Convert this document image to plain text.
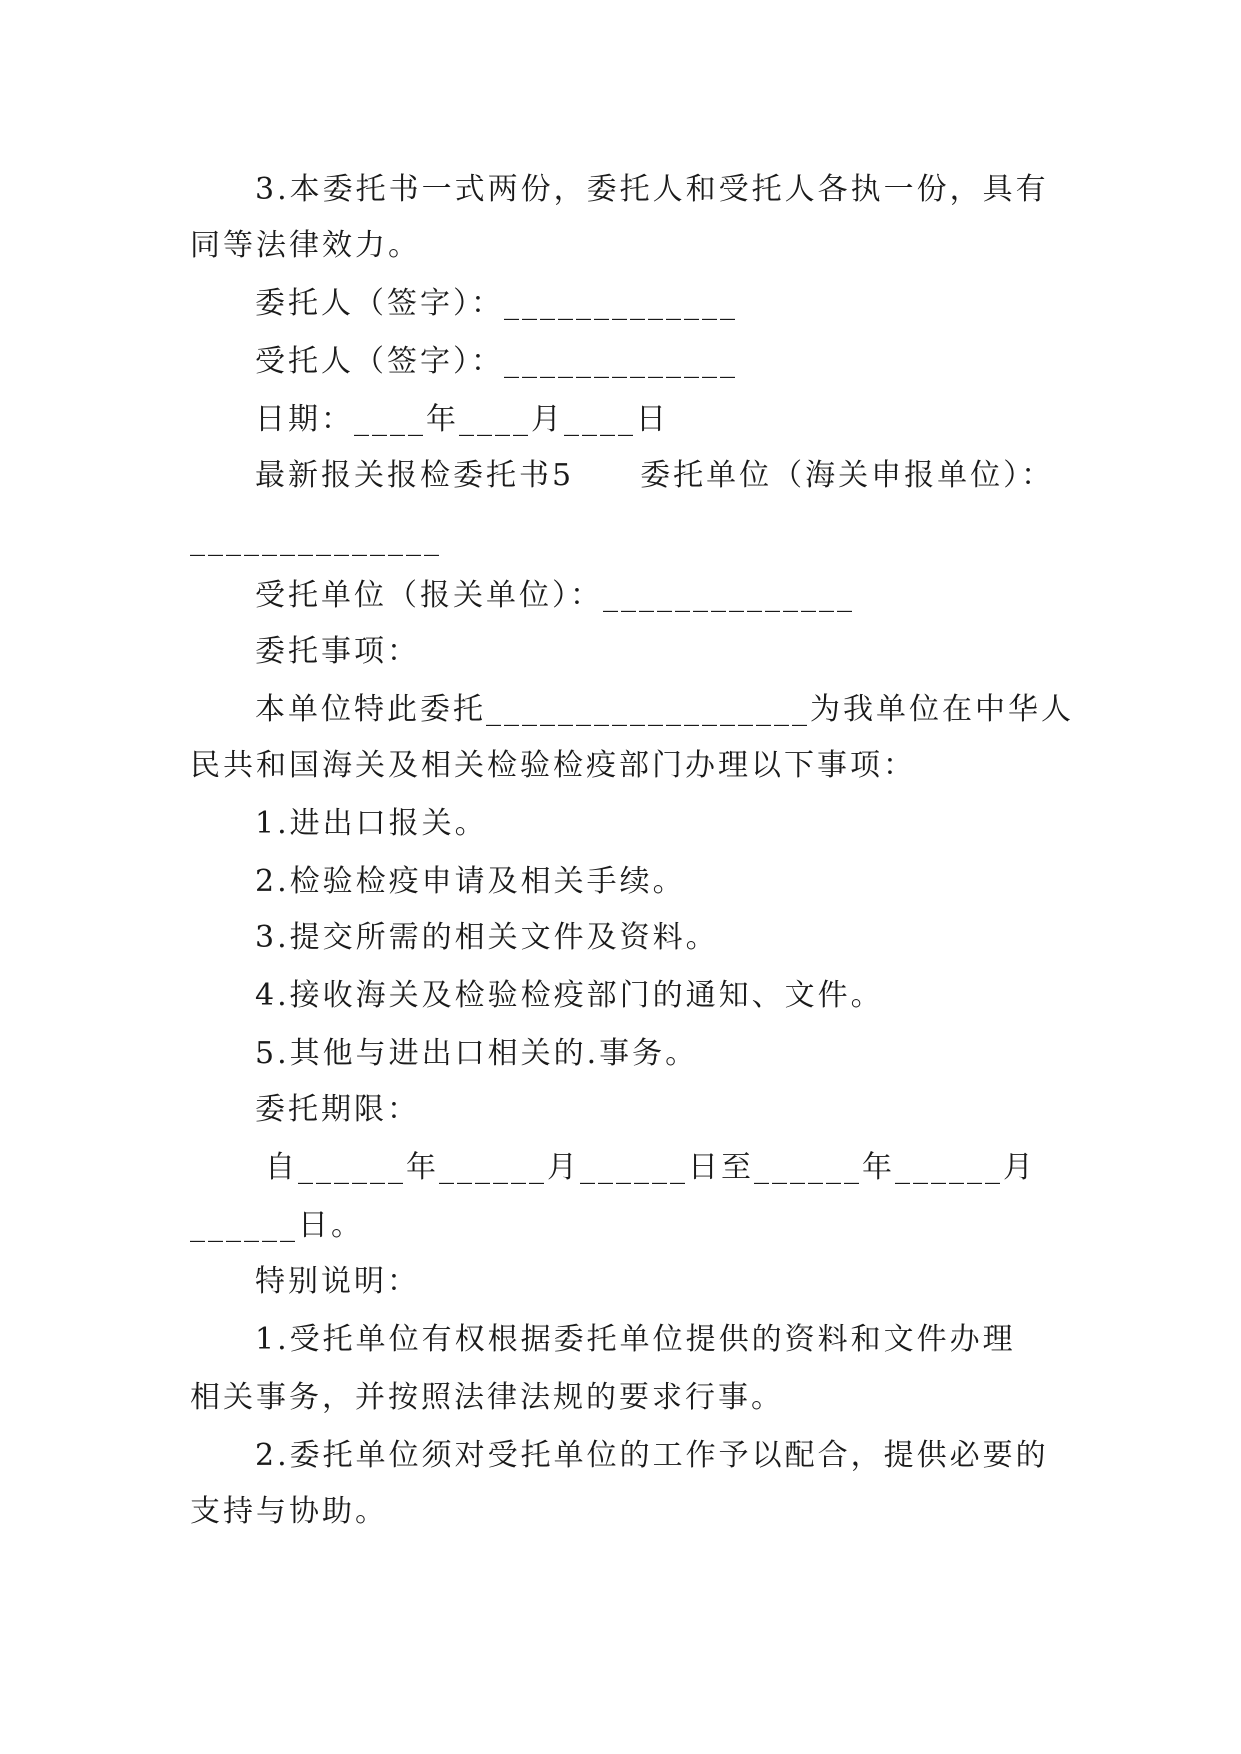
3.本委托书一式两份，委托人和受托人各执一份，具有
同等法律效力。
委托人（签字）：_____________
受托人（签字）：_____________
日期：____年____月____日
最新报关报检委托书5　　委托单位（海关申报单位）：
______________
受托单位（报关单位）：______________
委托事项：
本单位特此委托__________________为我单位在中华人
民共和国海关及相关检验检疫部门办理以下事项：
1.进出口报关。
2.检验检疫申请及相关手续。
3.提交所需的相关文件及资料。
4.接收海关及检验检疫部门的通知、文件。
5.其他与进出口相关的.事务。
委托期限：
自______年______月______日至______年______月
______日。
特别说明：
1.受托单位有权根据委托单位提供的资料和文件办理
相关事务，并按照法律法规的要求行事。
2.委托单位须对受托单位的工作予以配合，提供必要的
支持与协助。
